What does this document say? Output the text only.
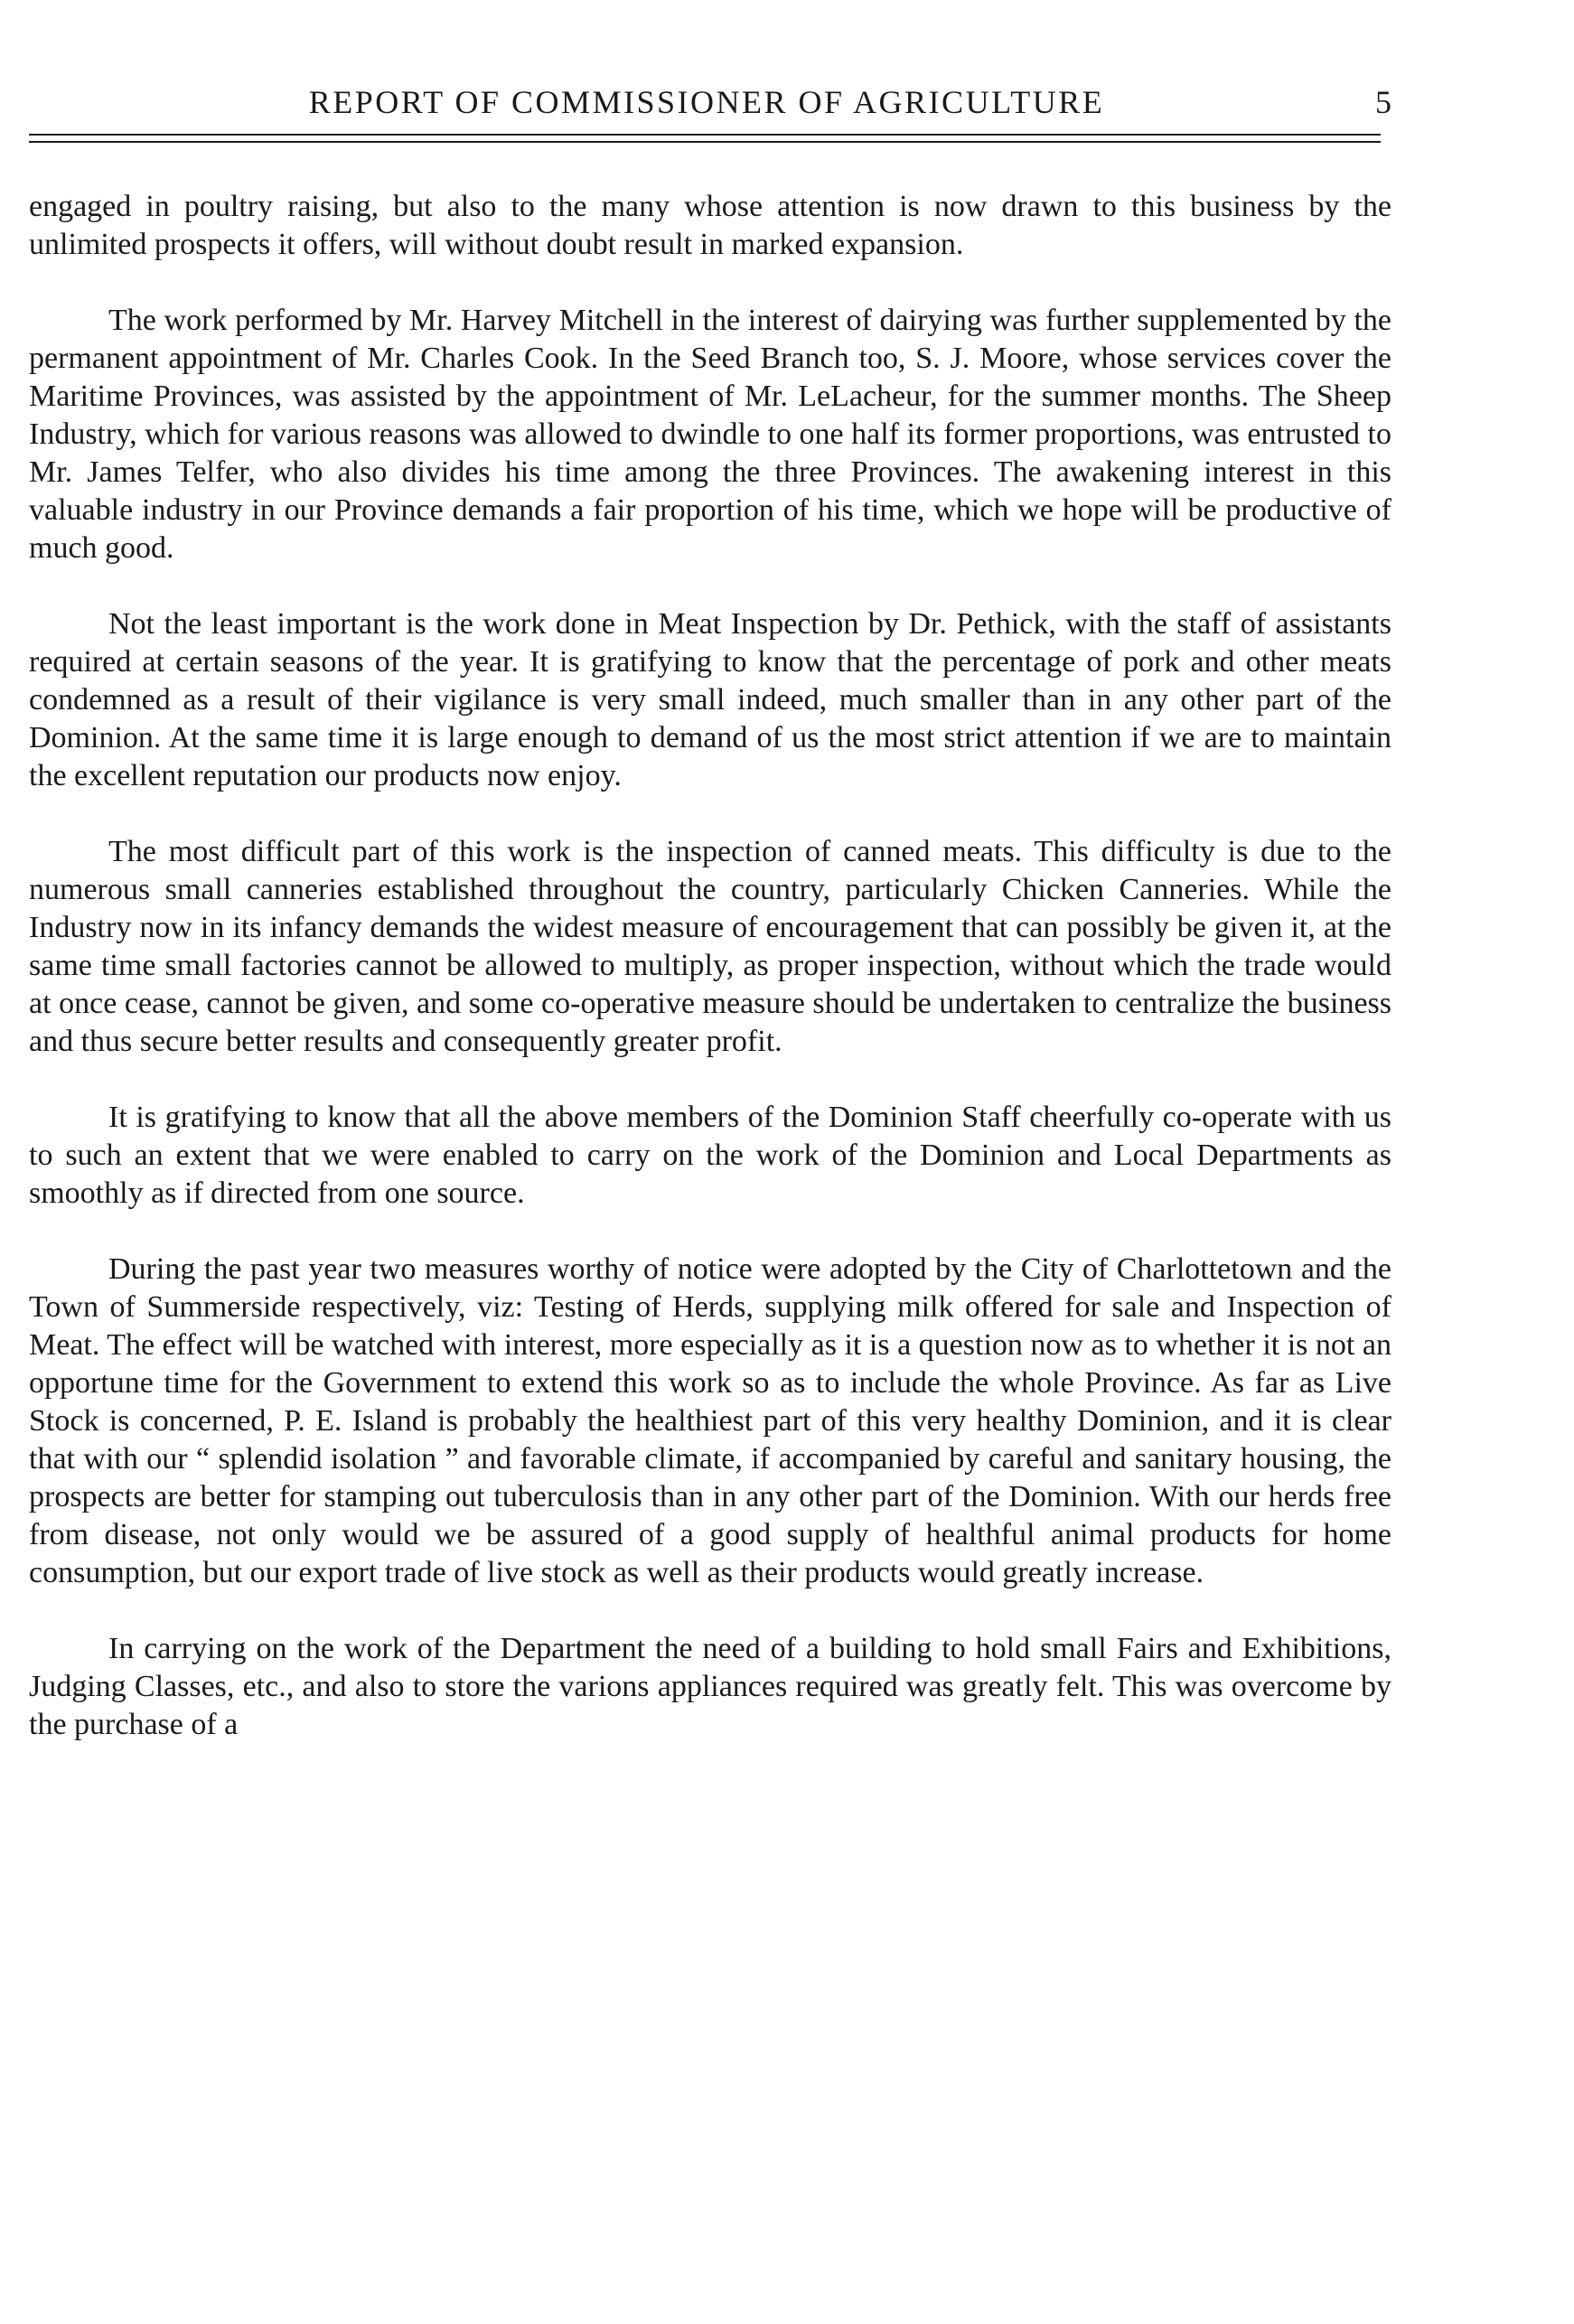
REPORT OF COMMISSIONER OF AGRICULTURE	5

engaged in poultry raising, but also to the many whose attention is now drawn to this business by the unlimited prospects it offers, will without doubt result in marked expansion.

The work performed by Mr. Harvey Mitchell in the interest of dairying was further supplemented by the permanent appointment of Mr. Charles Cook. In the Seed Branch too, S. J. Moore, whose services cover the Maritime Provinces, was assisted by the appointment of Mr. LeLacheur, for the summer months. The Sheep Industry, which for various reasons was allowed to dwindle to one half its former proportions, was entrusted to Mr. James Telfer, who also divides his time among the three Provinces. The awakening interest in this valuable industry in our Province demands a fair proportion of his time, which we hope will be productive of much good.

Not the least important is the work done in Meat Inspection by Dr. Pethick, with the staff of assistants required at certain seasons of the year. It is gratifying to know that the percentage of pork and other meats condemned as a result of their vigilance is very small indeed, much smaller than in any other part of the Dominion. At the same time it is large enough to demand of us the most strict attention if we are to maintain the excellent reputation our products now enjoy.

The most difficult part of this work is the inspection of canned meats. This difficulty is due to the numerous small canneries established throughout the country, particularly Chicken Canneries. While the Industry now in its infancy demands the widest measure of encouragement that can possibly be given it, at the same time small factories cannot be allowed to multiply, as proper inspection, without which the trade would at once cease, cannot be given, and some co-operative measure should be undertaken to centralize the business and thus secure better results and consequently greater profit.

It is gratifying to know that all the above members of the Dominion Staff cheerfully co-operate with us to such an extent that we were enabled to carry on the work of the Dominion and Local Departments as smoothly as if directed from one source.

During the past year two measures worthy of notice were adopted by the City of Charlottetown and the Town of Summerside respectively, viz: Testing of Herds, supplying milk offered for sale and Inspection of Meat. The effect will be watched with interest, more especially as it is a question now as to whether it is not an opportune time for the Government to extend this work so as to include the whole Province. As far as Live Stock is concerned, P. E. Island is probably the healthiest part of this very healthy Dominion, and it is clear that with our “ splendid isolation ” and favorable climate, if accompanied by careful and sanitary housing, the prospects are better for stamping out tuberculosis than in any other part of the Dominion. With our herds free from disease, not only would we be assured of a good supply of healthful animal products for home consumption, but our export trade of live stock as well as their products would greatly increase.

In carrying on the work of the Department the need of a building to hold small Fairs and Exhibitions, Judging Classes, etc., and also to store the varions appliances required was greatly felt. This was overcome by the purchase of a
